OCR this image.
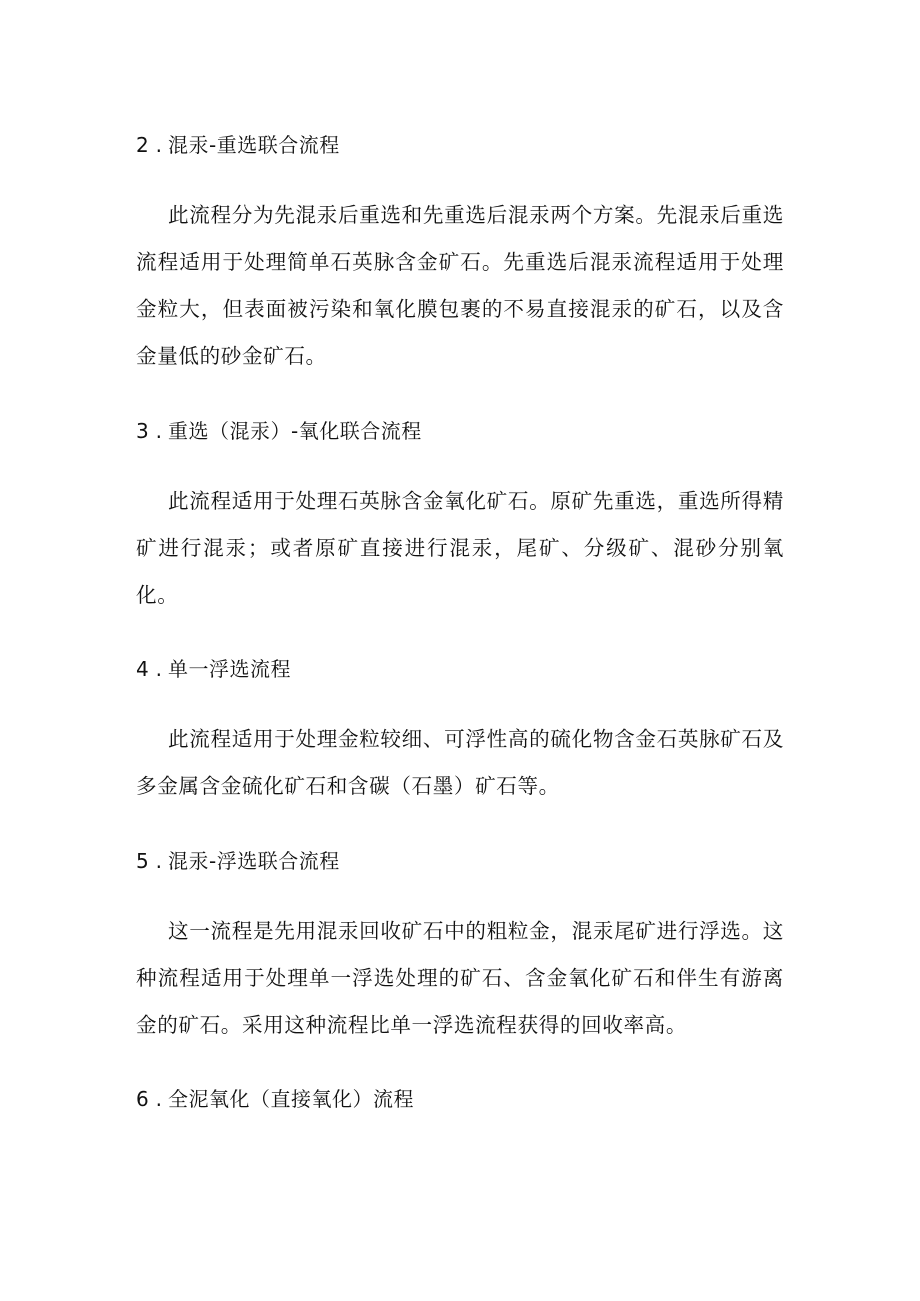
2 . 混汞-重选联合流程

此流程分为先混汞后重选和先重选后混汞两个方案。先混汞后重选流程适用于处理简单石英脉含金矿石。先重选后混汞流程适用于处理金粒大，但表面被污染和氧化膜包裹的不易直接混汞的矿石，以及含金量低的砂金矿石。

3 . 重选（混汞）-氧化联合流程

此流程适用于处理石英脉含金氧化矿石。原矿先重选，重选所得精矿进行混汞；或者原矿直接进行混汞，尾矿、分级矿、混砂分别氧化。

4 . 单一浮选流程

此流程适用于处理金粒较细、可浮性高的硫化物含金石英脉矿石及多金属含金硫化矿石和含碳（石墨）矿石等。

5 . 混汞-浮选联合流程

这一流程是先用混汞回收矿石中的粗粒金，混汞尾矿进行浮选。这种流程适用于处理单一浮选处理的矿石、含金氧化矿石和伴生有游离金的矿石。采用这种流程比单一浮选流程获得的回收率高。

6 . 全泥氧化（直接氧化）流程
